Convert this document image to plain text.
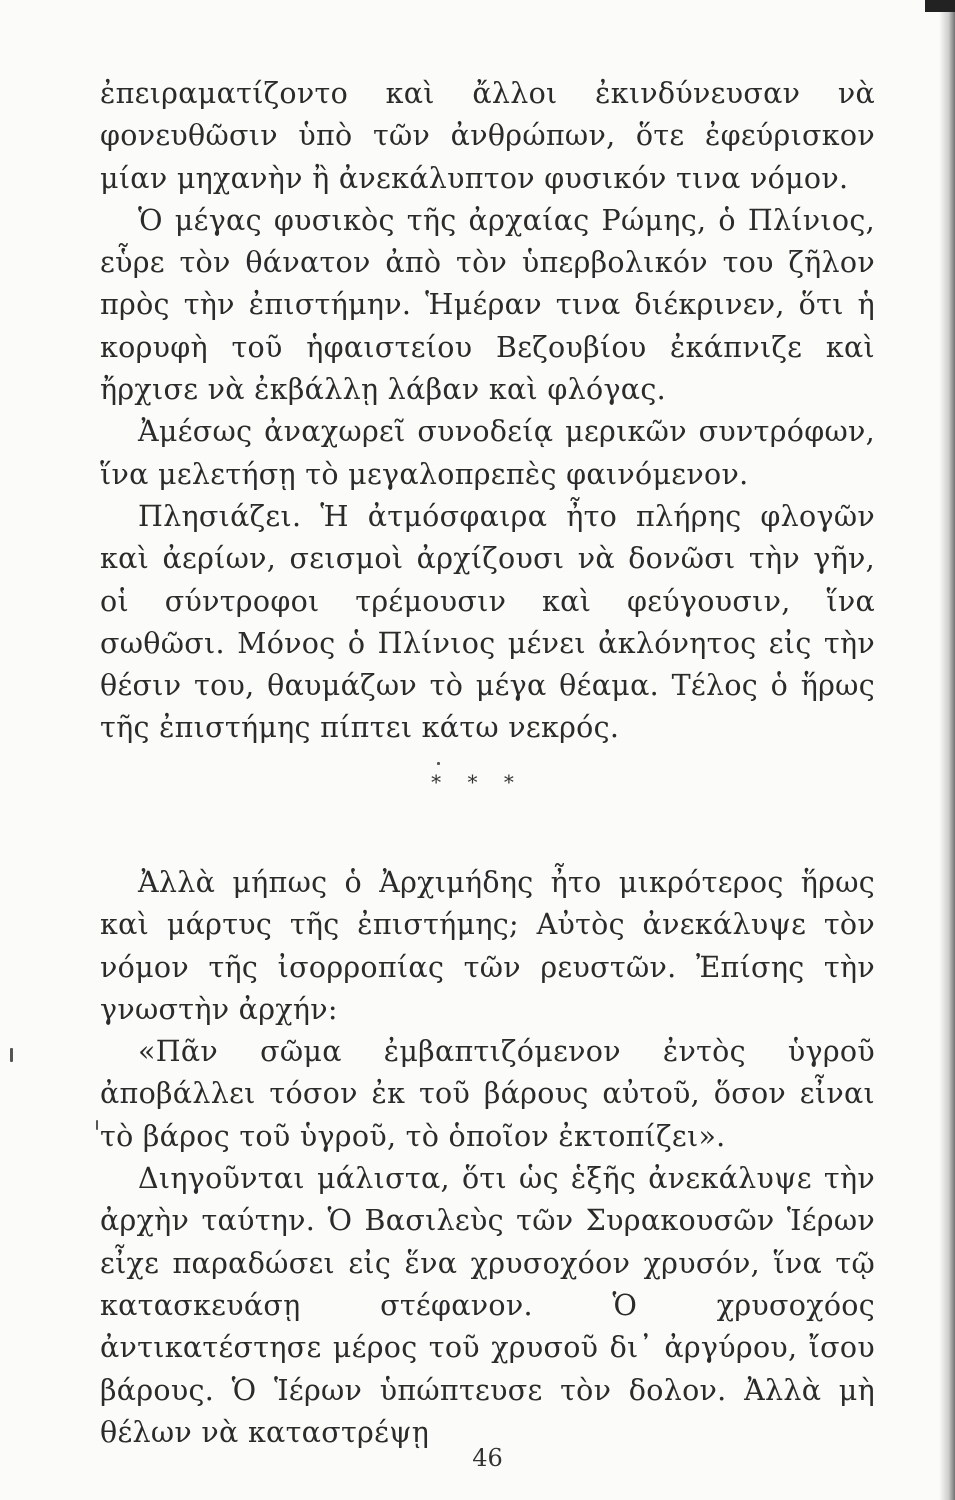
ἐπειραματίζοντο καὶ ἄλλοι ἐκινδύνευσαν νὰ φονευθῶσιν ὑπὸ τῶν ἀνθρώπων, ὅτε ἐφεύρισκον μίαν μηχανὴν ἢ ἀνεκάλυπτον φυσικόν τινα νόμον.

Ὁ μέγας φυσικὸς τῆς ἀρχαίας Ρώμης, ὁ Πλίνιος, εὗρε τὸν θάνατον ἀπὸ τὸν ὑπερβολικόν του ζῆλον πρὸς τὴν ἐπιστήμην. Ἡμέραν τινα διέκρινεν, ὅτι ἡ κορυφὴ τοῦ ἡφαιστείου Βεζουβίου ἐκάπνιζε καὶ ἤρχισε νὰ ἐκβάλλῃ λάβαν καὶ φλόγας.

Ἀμέσως ἀναχωρεῖ συνοδείᾳ μερικῶν συντρόφων, ἵνα μελετήσῃ τὸ μεγαλοπρεπὲς φαινόμενον.

Πλησιάζει. Ἡ ἀτμόσφαιρα ἦτο πλήρης φλογῶν καὶ ἀερίων, σεισμοὶ ἀρχίζουσι νὰ δονῶσι τὴν γῆν, οἱ σύντροφοι τρέμουσιν καὶ φεύγουσιν, ἵνα σωθῶσι. Μόνος ὁ Πλίνιος μένει ἀκλόνητος εἰς τὴν θέσιν του, θαυμάζων τὸ μέγα θέαμα. Τέλος ὁ ἥρως τῆς ἐπιστήμης πίπτει κάτω νεκρός.

* * *

Ἀλλὰ μήπως ὁ Ἀρχιμήδης ἦτο μικρότερος ἥρως καὶ μάρτυς τῆς ἐπιστήμης; Αὐτὸς ἀνεκάλυψε τὸν νόμον τῆς ἰσορροπίας τῶν ρευστῶν. Ἐπίσης τὴν γνωστὴν ἀρχήν:

«Πᾶν σῶμα ἐμβαπτιζόμενον ἐντὸς ὑγροῦ ἀποβάλλει τόσον ἐκ τοῦ βάρους αὐτοῦ, ὅσον εἶναι τὸ βάρος τοῦ ὑγροῦ, τὸ ὁποῖον ἐκτοπίζει».

Διηγοῦνται μάλιστα, ὅτι ὡς ἑξῆς ἀνεκάλυψε τὴν ἀρχὴν ταύτην. Ὁ Βασιλεὺς τῶν Συρακουσῶν Ἱέρων εἶχε παραδώσει εἰς ἕνα χρυσοχόον χρυσόν, ἵνα τῷ κατασκευάσῃ στέφανον. Ὁ χρυσοχόος ἀντικατέστησε μέρος τοῦ χρυσοῦ δι᾽ ἀργύρου, ἴσου βάρους. Ὁ Ἱέρων ὑπώπτευσε τὸν δολον. Ἀλλὰ μὴ θέλων νὰ καταστρέψῃ

46
